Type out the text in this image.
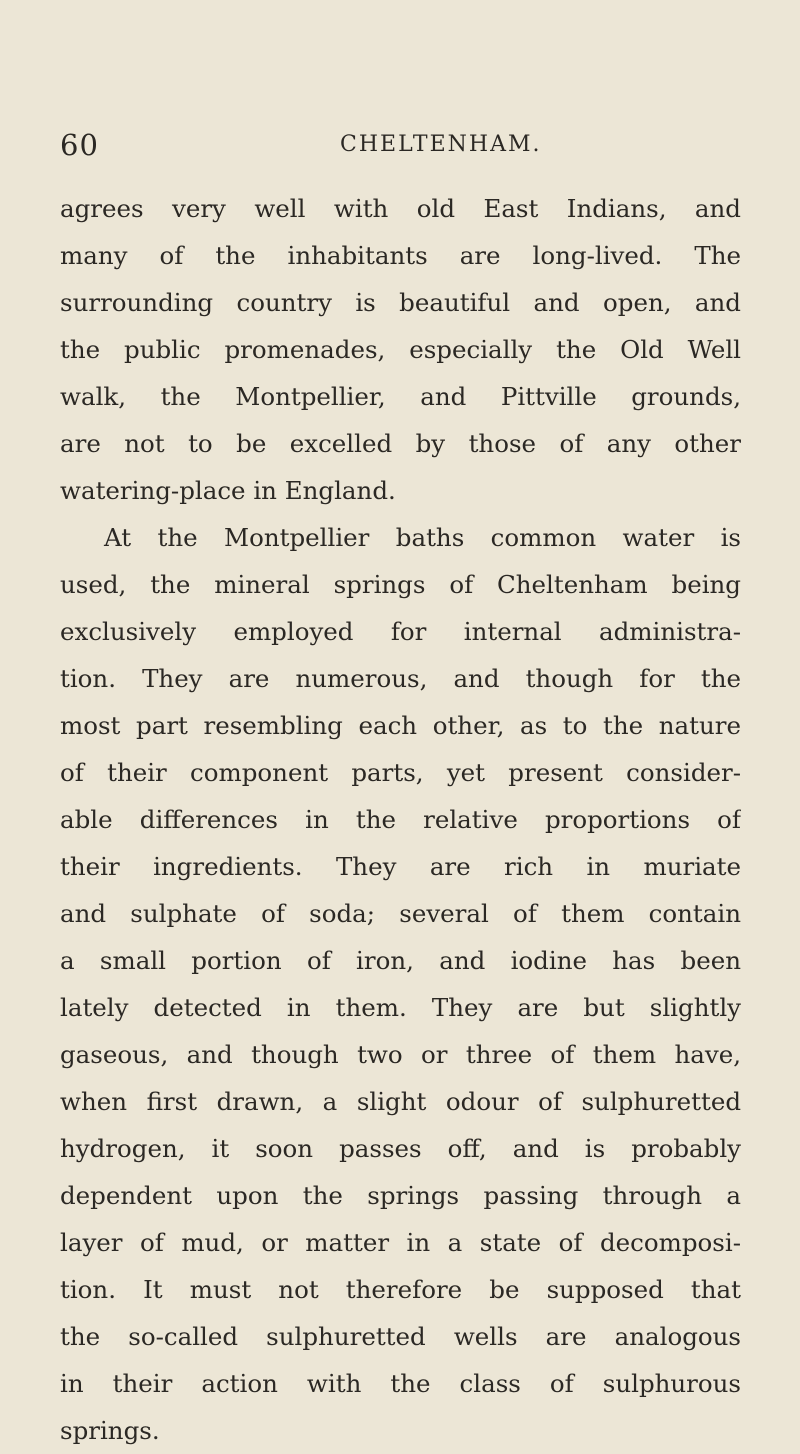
60	CHELTENHAM.
agrees very well with old East Indians, and
many of the inhabitants are long-lived. The
surrounding country is beautiful and open, and
the public promenades, especially the Old Well
walk, the Montpellier, and Pittville grounds,
are not to be excelled by those of any other
watering-place in England.
At the Montpellier baths common water is
used, the mineral springs of Cheltenham being
exclusively employed for internal administra-
tion. They are numerous, and though for the
most part resembling each other, as to the nature
of their component parts, yet present consider-
able differences in the relative proportions of
their ingredients. They are rich in muriate
and sulphate of soda; several of them contain
a small portion of iron, and iodine has been
lately detected in them. They are but slightly
gaseous, and though two or three of them have,
when first drawn, a slight odour of sulphuretted
hydrogen, it soon passes off, and is probably
dependent upon the springs passing through a
layer of mud, or matter in a state of decomposi-
tion. It must not therefore be supposed that
the so-called sulphuretted wells are analogous
in their action with the class of sulphurous
springs.
